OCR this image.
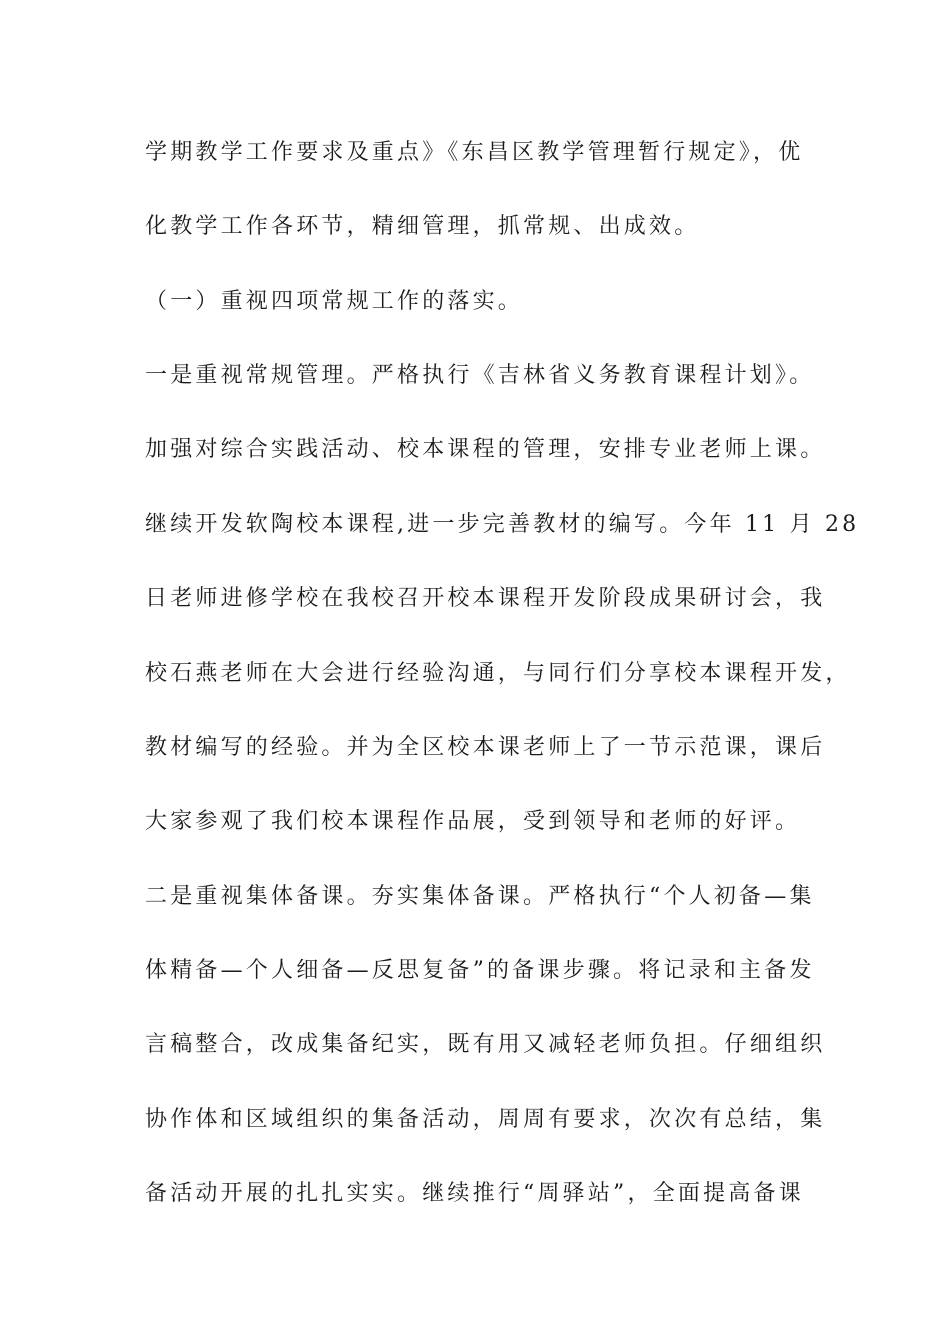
学期教学工作要求及重点》《东昌区教学管理暂行规定》，优
化教学工作各环节，精细管理，抓常规、出成效。
（一）重视四项常规工作的落实。
一是重视常规管理。严格执行《吉林省义务教育课程计划》。
加强对综合实践活动、校本课程的管理，安排专业老师上课。
继续开发软陶校本课程,进一步完善教材的编写。今年 11 月 28
日老师进修学校在我校召开校本课程开发阶段成果研讨会，我
校石燕老师在大会进行经验沟通，与同行们分享校本课程开发，
教材编写的经验。并为全区校本课老师上了一节示范课，课后
大家参观了我们校本课程作品展，受到领导和老师的好评。
二是重视集体备课。夯实集体备课。严格执行“个人初备—集
体精备—个人细备—反思复备”的备课步骤。将记录和主备发
言稿整合，改成集备纪实，既有用又减轻老师负担。仔细组织
协作体和区域组织的集备活动，周周有要求，次次有总结，集
备活动开展的扎扎实实。继续推行“周驿站”，全面提高备课
